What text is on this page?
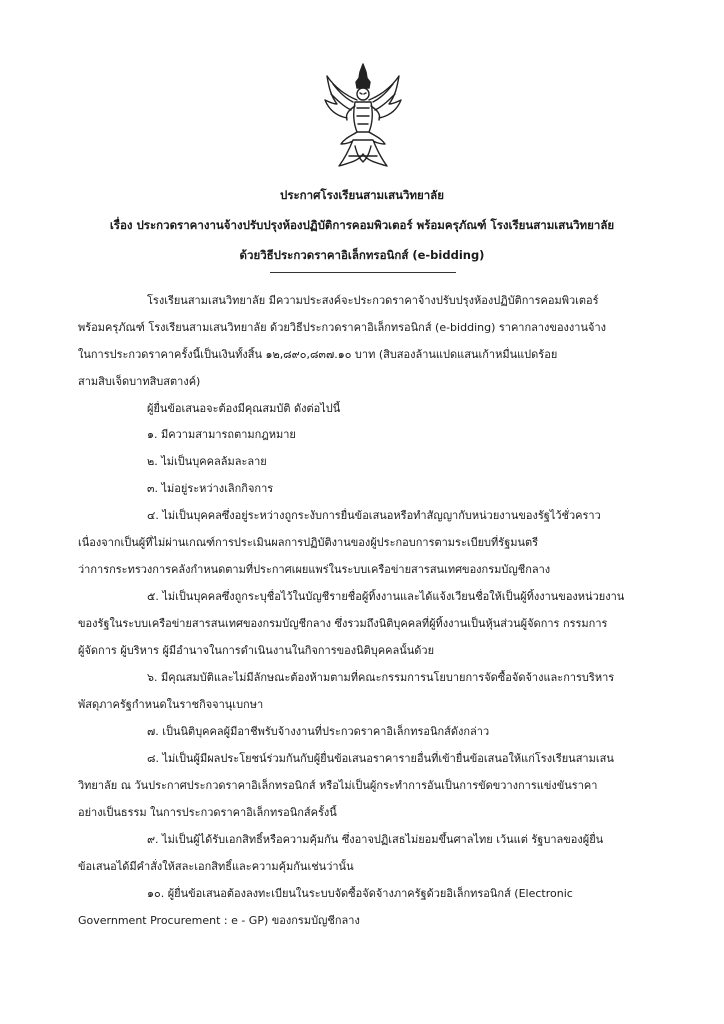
ประกาศโรงเรียนสามเสนวิทยาลัย
เรื่อง ประกวดราคางานจ้างปรับปรุงห้องปฏิบัติการคอมพิวเตอร์ พร้อมครุภัณฑ์ โรงเรียนสามเสนวิทยาลัย
ด้วยวิธีประกวดราคาอิเล็กทรอนิกส์ (e-bidding)
โรงเรียนสามเสนวิทยาลัย มีความประสงค์จะประกวดราคาจ้างปรับปรุงห้องปฏิบัติการคอมพิวเตอร์
พร้อมครุภัณฑ์ โรงเรียนสามเสนวิทยาลัย ด้วยวิธีประกวดราคาอิเล็กทรอนิกส์ (e-bidding) ราคากลางของงานจ้าง
ในการประกวดราคาครั้งนี้เป็นเงินทั้งสิ้น ๑๒,๘๙๐,๘๓๗.๑๐ บาท (สิบสองล้านแปดแสนเก้าหมื่นแปดร้อย
สามสิบเจ็ดบาทสิบสตางค์)
ผู้ยื่นข้อเสนอจะต้องมีคุณสมบัติ ดังต่อไปนี้
๑. มีความสามารถตามกฎหมาย
๒. ไม่เป็นบุคคลล้มละลาย
๓. ไม่อยู่ระหว่างเลิกกิจการ
๔. ไม่เป็นบุคคลซึ่งอยู่ระหว่างถูกระงับการยื่นข้อเสนอหรือทำสัญญากับหน่วยงานของรัฐไว้ชั่วคราว
เนื่องจากเป็นผู้ที่ไม่ผ่านเกณฑ์การประเมินผลการปฏิบัติงานของผู้ประกอบการตามระเบียบที่รัฐมนตรี
ว่าการกระทรวงการคลังกำหนดตามที่ประกาศเผยแพร่ในระบบเครือข่ายสารสนเทศของกรมบัญชีกลาง
๕. ไม่เป็นบุคคลซึ่งถูกระบุชื่อไว้ในบัญชีรายชื่อผู้ทิ้งงานและได้แจ้งเวียนชื่อให้เป็นผู้ทิ้งงานของหน่วยงาน
ของรัฐในระบบเครือข่ายสารสนเทศของกรมบัญชีกลาง ซึ่งรวมถึงนิติบุคคลที่ผู้ทิ้งงานเป็นหุ้นส่วนผู้จัดการ กรรมการ
ผู้จัดการ ผู้บริหาร ผู้มีอำนาจในการดำเนินงานในกิจการของนิติบุคคลนั้นด้วย
๖. มีคุณสมบัติและไม่มีลักษณะต้องห้ามตามที่คณะกรรมการนโยบายการจัดซื้อจัดจ้างและการบริหาร
พัสดุภาครัฐกำหนดในราชกิจจานุเบกษา
๗. เป็นนิติบุคคลผู้มีอาชีพรับจ้างงานที่ประกวดราคาอิเล็กทรอนิกส์ดังกล่าว
๘. ไม่เป็นผู้มีผลประโยชน์ร่วมกันกับผู้ยื่นข้อเสนอราคารายอื่นที่เข้ายื่นข้อเสนอให้แก่โรงเรียนสามเสน
วิทยาลัย ณ วันประกาศประกวดราคาอิเล็กทรอนิกส์ หรือไม่เป็นผู้กระทำการอันเป็นการขัดขวางการแข่งขันราคา
อย่างเป็นธรรม ในการประกวดราคาอิเล็กทรอนิกส์ครั้งนี้
๙. ไม่เป็นผู้ได้รับเอกสิทธิ์หรือความคุ้มกัน ซึ่งอาจปฏิเสธไม่ยอมขึ้นศาลไทย เว้นแต่ รัฐบาลของผู้ยื่น
ข้อเสนอได้มีคำสั่งให้สละเอกสิทธิ์และความคุ้มกันเช่นว่านั้น
๑๐. ผู้ยื่นข้อเสนอต้องลงทะเบียนในระบบจัดซื้อจัดจ้างภาครัฐด้วยอิเล็กทรอนิกส์ (Electronic
Government Procurement : e - GP) ของกรมบัญชีกลาง
